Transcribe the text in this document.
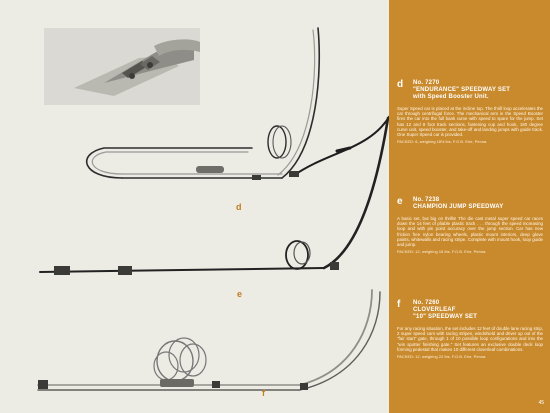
d
e
f
d No. 7270
"ENDURANCE" SPEEDWAY SET
with Speed Booster Unit.
Super Speed car is placed at the incline top. The thrill loop accelerates the car through centrifugal force. The mechanical arm in the Speed Booster fires the car into the full bank curve with speed to spare for the jump. Set has 12 and 8 foot track sections, fastening cup and hook, 180 degree curve unit, speed booster, and take-off and landing jumps with guide track. One Super Speed car is provided.
PACKED: 6, weighing 18½ lbs. F.O.B. Erie, Penna.
e No. 7238
CHAMPION JUMP SPEEDWAY
A basic set, but big on thrills! The die cast metal super speed car races down the 14 feet of pliable plastic track . . . through the speed increasing loop and with pin point accuracy over the jump section. Car has new friction free nylon bearing wheels, plastic mount interiors, deep glove paints, whitewalls and racing stripe. Complete with mount hook, loop guide and jump.
PACKED: 12, weighing 16 lbs. F.O.B. Erie, Penna.
f No. 7260
CLOVERLEAF
"10" SPEEDWAY SET
For any racing situation, the set includes 12 feet of double lane racing strip, 2 super speed cars with racing stripes, windshield and driver up out of the "fair start" gate, through 1 of 10 possible loop configurations and into the "win spotter finishing gate." Set features an exclusive double deck loop forming pedestal that makes 10 different cloverleaf combinations.
PACKED: 12, weighing 22 lbs. F.O.B. Erie, Penna.
45
